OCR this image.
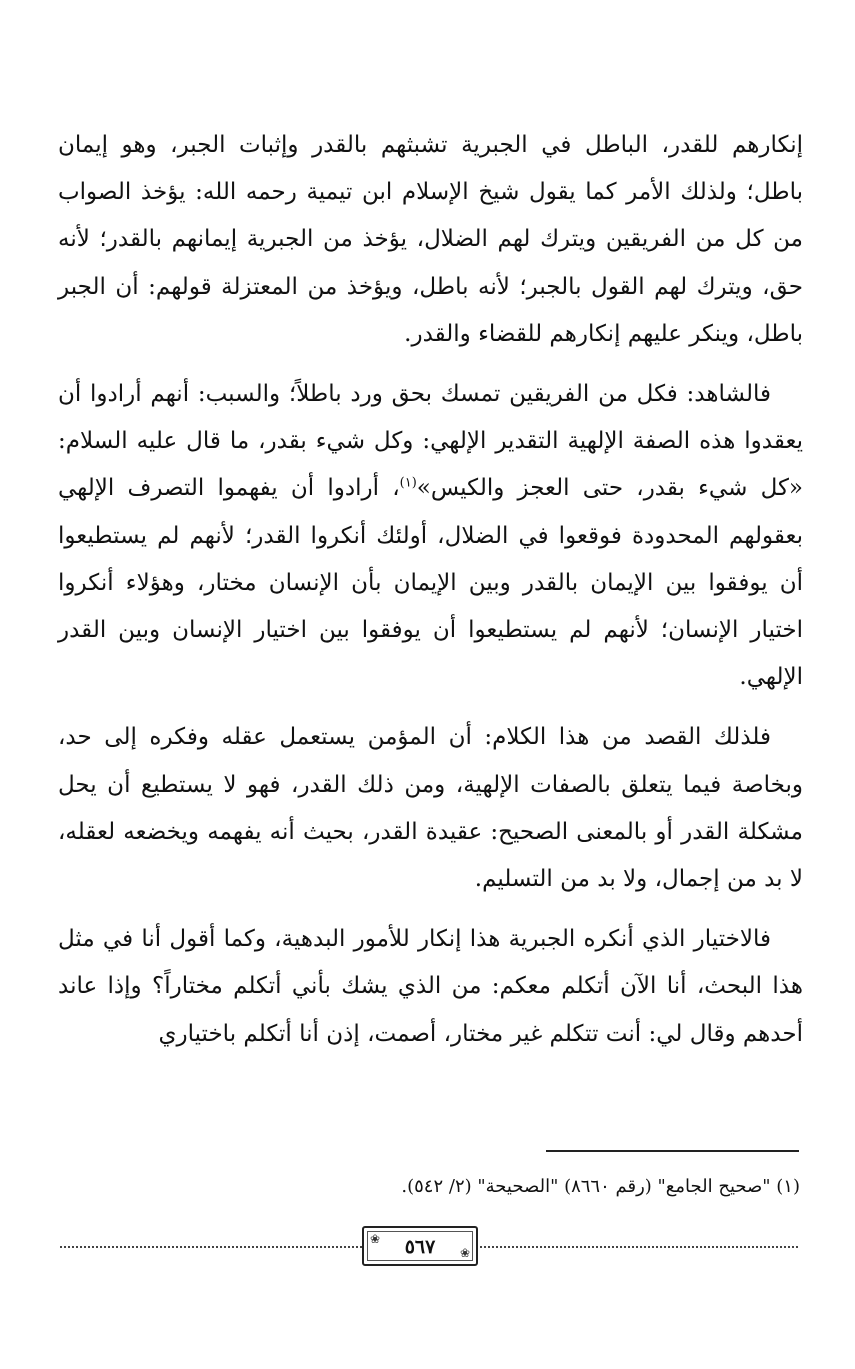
إنكارهم للقدر، الباطل في الجبرية تشبثهم بالقدر وإثبات الجبر، وهو إيمان باطل؛ ولذلك الأمر كما يقول شيخ الإسلام ابن تيمية رحمه الله: يؤخذ الصواب من كل من الفريقين ويترك لهم الضلال، يؤخذ من الجبرية إيمانهم بالقدر؛ لأنه حق، ويترك لهم القول بالجبر؛ لأنه باطل، ويؤخذ من المعتزلة قولهم: أن الجبر باطل، وينكر عليهم إنكارهم للقضاء والقدر.

فالشاهد: فكل من الفريقين تمسك بحق ورد باطلاً؛ والسبب: أنهم أرادوا أن يعقدوا هذه الصفة الإلهية التقدير الإلهي: وكل شيء بقدر، ما قال عليه السلام: «كل شيء بقدر، حتى العجز والكيس»$^{(١)}$، أرادوا أن يفهموا التصرف الإلهي بعقولهم المحدودة فوقعوا في الضلال، أولئك أنكروا القدر؛ لأنهم لم يستطيعوا أن يوفقوا بين الإيمان بالقدر وبين الإيمان بأن الإنسان مختار، وهؤلاء أنكروا اختيار الإنسان؛ لأنهم لم يستطيعوا أن يوفقوا بين اختيار الإنسان وبين القدر الإلهي.

فلذلك القصد من هذا الكلام: أن المؤمن يستعمل عقله وفكره إلى حد، وبخاصة فيما يتعلق بالصفات الإلهية، ومن ذلك القدر، فهو لا يستطيع أن يحل مشكلة القدر أو بالمعنى الصحيح: عقيدة القدر، بحيث أنه يفهمه ويخضعه لعقله، لا بد من إجمال، ولا بد من التسليم.

فالاختيار الذي أنكره الجبرية هذا إنكار للأمور البدهية، وكما أقول أنا في مثل هذا البحث، أنا الآن أتكلم معكم: من الذي يشك بأني أتكلم مختاراً؟ وإذا عاند أحدهم وقال لي: أنت تتكلم غير مختار، أصمت، إذن أنا أتكلم باختياري

(١) "صحيح الجامع" (رقم ٨٦٦٠) "الصحيحة" (٢/ ٥٤٢).
❀
❀
٥٦٧
